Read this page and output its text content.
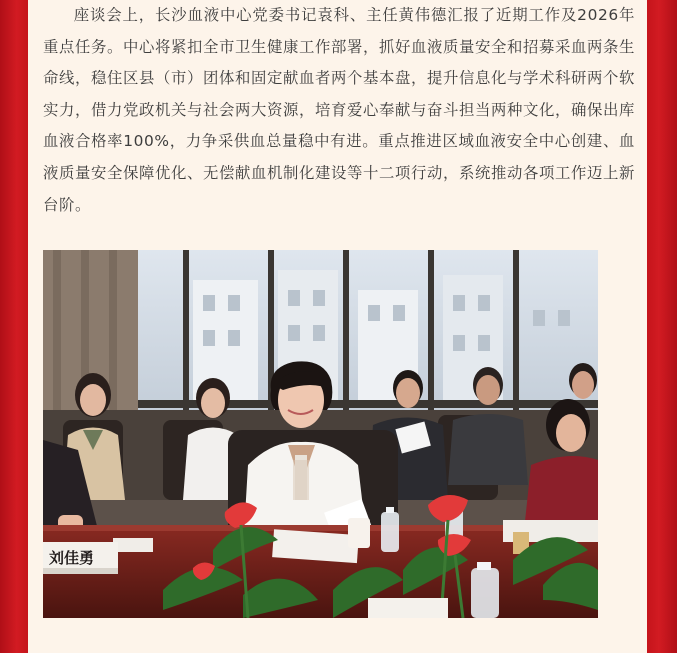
座谈会上，长沙血液中心党委书记袁科、主任黄伟德汇报了近期工作及2026年重点任务。中心将紧扣全市卫生健康工作部署，抓好血液质量安全和招募采血两条生命线，稳住区县（市）团体和固定献血者两个基本盘，提升信息化与学术科研两个软实力，借力党政机关与社会两大资源，培育爱心奉献与奋斗担当两种文化，确保出库血液合格率100%，力争采供血总量稳中有进。重点推进区域血液安全中心创建、血液质量安全保障优化、无偿献血机制化建设等十二项行动，系统推动各项工作迈上新台阶。

刘佳勇
